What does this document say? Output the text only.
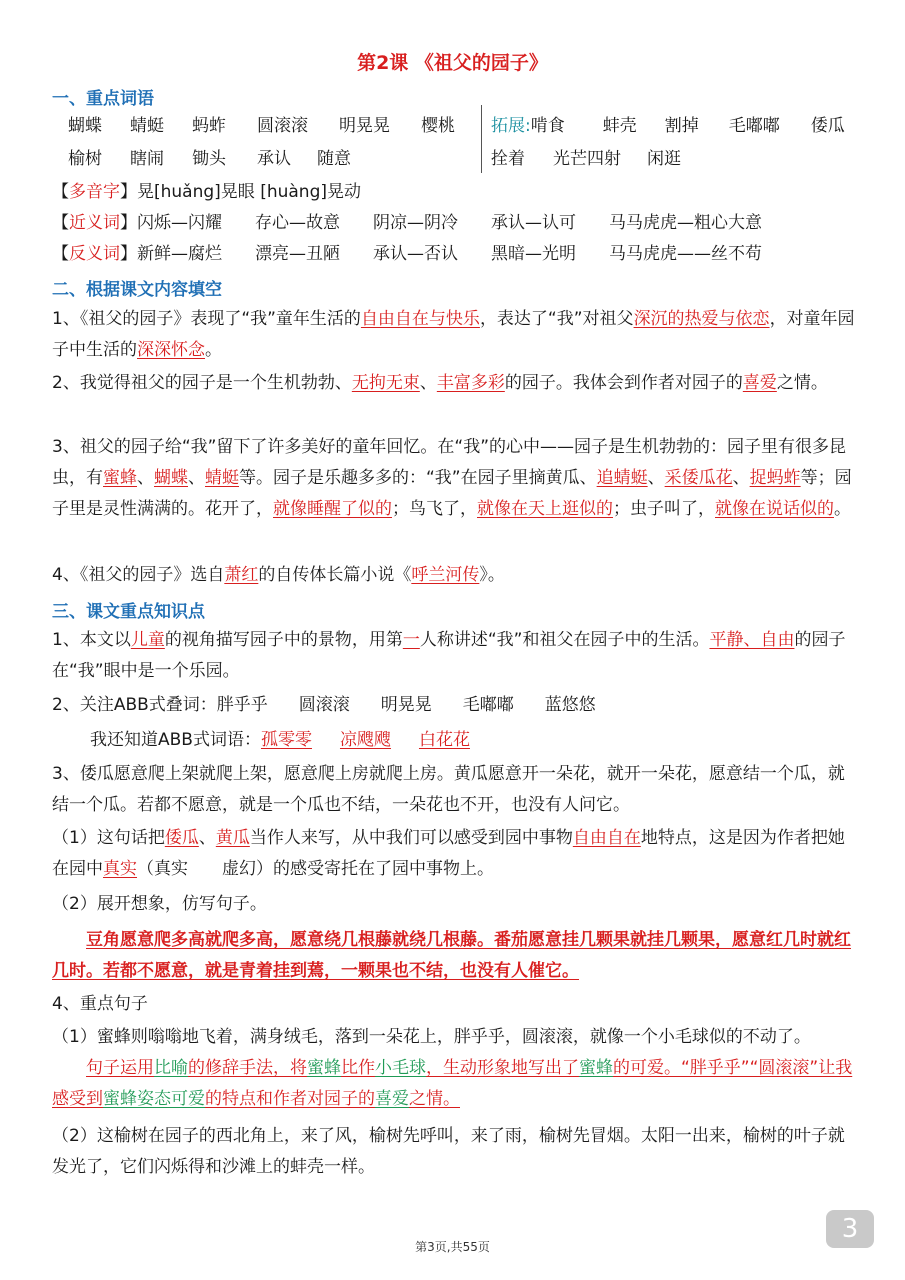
第2课 《祖父的园子》
一、重点词语
蝴蝶 蜻蜓 蚂蚱 圆滚滚 明晃晃 樱桃
榆树 瞎闹 锄头 承认 随意
拓展:啃食 蚌壳 割掉 毛嘟嘟 倭瓜
拴着 光芒四射 闲逛
【多音字】晃[huǎng]晃眼 [huàng]晃动
【近义词】闪烁—闪耀 存心—故意 阴凉—阴冷 承认—认可 马马虎虎—粗心大意
【反义词】新鲜—腐烂 漂亮—丑陋 承认—否认 黑暗—光明 马马虎虎——丝不苟
二、根据课文内容填空
1、《祖父的园子》表现了“我”童年生活的自由自在与快乐，表达了“我”对祖父深沉的热爱与依恋，对童年园子中生活的深深怀念。
2、我觉得祖父的园子是一个生机勃勃、无拘无束、丰富多彩的园子。我体会到作者对园子的喜爱之情。
3、祖父的园子给“我”留下了许多美好的童年回忆。在“我”的心中——园子是生机勃勃的：园子里有很多昆虫，有蜜蜂、蝴蝶、蜻蜓等。园子是乐趣多多的：“我”在园子里摘黄瓜、追蜻蜓、采倭瓜花、捉蚂蚱等；园子里是灵性满满的。花开了，就像睡醒了似的；鸟飞了，就像在天上逛似的；虫子叫了，就像在说话似的。
4、《祖父的园子》选自萧红的自传体长篇小说《呼兰河传》。
三、课文重点知识点
1、本文以儿童的视角描写园子中的景物，用第一人称讲述“我”和祖父在园子中的生活。平静、自由的园子在“我”眼中是一个乐园。
2、关注ABB式叠词：胖乎乎 圆滚滚 明晃晃 毛嘟嘟 蓝悠悠
我还知道ABB式词语：孤零零 凉飕飕 白花花
3、倭瓜愿意爬上架就爬上架，愿意爬上房就爬上房。黄瓜愿意开一朵花，就开一朵花，愿意结一个瓜，就结一个瓜。若都不愿意，就是一个瓜也不结，一朵花也不开，也没有人问它。
（1）这句话把倭瓜、黄瓜当作人来写，从中我们可以感受到园中事物自由自在地特点，这是因为作者把她在园中真实（真实　　虚幻）的感受寄托在了园中事物上。
（2）展开想象，仿写句子。
豆角愿意爬多高就爬多高，愿意绕几根藤就绕几根藤。番茄愿意挂几颗果就挂几颗果，愿意红几时就红几时。若都不愿意，就是青着挂到蔫，一颗果也不结，也没有人催它。
4、重点句子
（1）蜜蜂则嗡嗡地飞着，满身绒毛，落到一朵花上，胖乎乎，圆滚滚，就像一个小毛球似的不动了。
句子运用比喻的修辞手法，将蜜蜂比作小毛球，生动形象地写出了蜜蜂的可爱。“胖乎乎”“圆滚滚”让我感受到蜜蜂姿态可爱的特点和作者对园子的喜爱之情。
（2）这榆树在园子的西北角上，来了风，榆树先呼叫，来了雨，榆树先冒烟。太阳一出来，榆树的叶子就发光了，它们闪烁得和沙滩上的蚌壳一样。
第3页,共55页
3
